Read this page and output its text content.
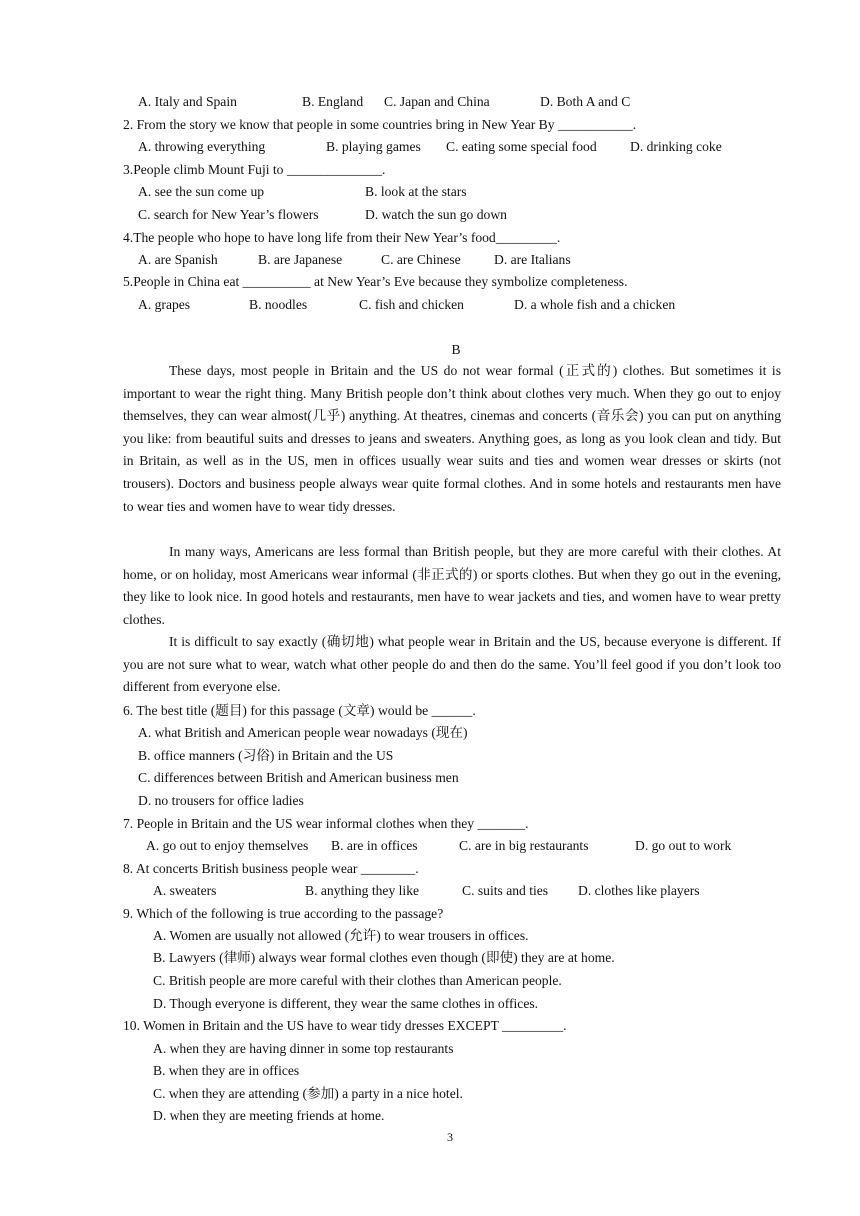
A. Italy and Spain	B. England C. Japan and China	D. Both A and C
2. From the story we know that people in some countries bring in New Year By ___________.
A. throwing everything	B. playing games C. eating some special food D. drinking coke
3.People climb Mount Fuji to ______________.
A. see the sun come up	B. look at the stars
C. search for New Year’s flowers	D. watch the sun go down
4.The people who hope to have long life from their New Year’s food_________.
A. are Spanish	B. are Japanese	C. are Chinese D. are Italians
5.People in China eat __________ at New Year’s Eve because they symbolize completeness.
A. grapes	B. noodles	C. fish and chicken	D. a whole fish and a chicken
B

These days, most people in Britain and the US do not wear formal (正式的) clothes. But sometimes it is important to wear the right thing. Many British people don’t think about clothes very much. When they go out to enjoy themselves, they can wear almost(几乎) anything. At theatres, cinemas and concerts (音乐会) you can put on anything you like: from beautiful suits and dresses to jeans and sweaters. Anything goes, as long as you look clean and tidy. But in Britain, as well as in the US, men in offices usually wear suits and ties and women wear dresses or skirts (not trousers). Doctors and business people always wear quite formal clothes. And in some hotels and restaurants men have to wear ties and women have to wear tidy dresses.

In many ways, Americans are less formal than British people, but they are more careful with their clothes. At home, or on holiday, most Americans wear informal (非正式的) or sports clothes. But when they go out in the evening, they like to look nice. In good hotels and restaurants, men have to wear jackets and ties, and women have to wear pretty clothes.

It is difficult to say exactly (确切地) what people wear in Britain and the US, because everyone is different. If you are not sure what to wear, watch what other people do and then do the same. You’ll feel good if you don’t look too different from everyone else.

6. The best title (题目) for this passage (文章) would be ______.
A. what British and American people wear nowadays (现在)
B. office manners (习俗) in Britain and the US
C. differences between British and American business men
D. no trousers for office ladies
7. People in Britain and the US wear informal clothes when they _______.
A. go out to enjoy themselves B. are in offices	C. are in big restaurants	D. go out to work
8. At concerts British business people wear ________.
A. sweaters	B. anything they like	C. suits and ties D. clothes like players
9. Which of the following is true according to the passage?
A. Women are usually not allowed (允许) to wear trousers in offices.
B. Lawyers (律师) always wear formal clothes even though (即使) they are at home.
C. British people are more careful with their clothes than American people.
D. Though everyone is different, they wear the same clothes in offices.
10. Women in Britain and the US have to wear tidy dresses EXCEPT _________.
A. when they are having dinner in some top restaurants
B. when they are in offices
C. when they are attending (参加) a party in a nice hotel.
D. when they are meeting friends at home.
3
